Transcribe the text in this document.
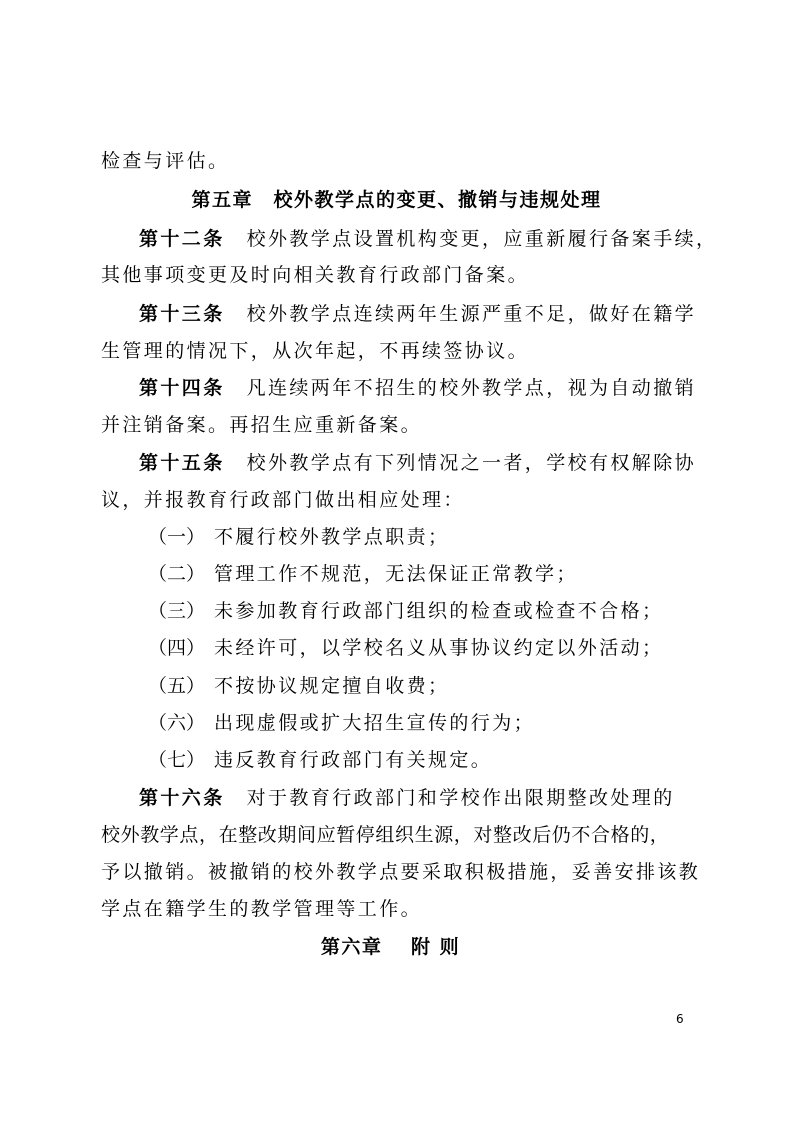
检查与评估。
第五章　校外教学点的变更、撤销与违规处理
第十二条 校外教学点设置机构变更，应重新履行备案手续，
其他事项变更及时向相关教育行政部门备案。
第十三条 校外教学点连续两年生源严重不足，做好在籍学
生管理的情况下，从次年起，不再续签协议。
第十四条 凡连续两年不招生的校外教学点，视为自动撤销
并注销备案。再招生应重新备案。
第十五条 校外教学点有下列情况之一者，学校有权解除协
议，并报教育行政部门做出相应处理：
（一） 不履行校外教学点职责；
（二） 管理工作不规范，无法保证正常教学；
（三） 未参加教育行政部门组织的检查或检查不合格；
（四） 未经许可，以学校名义从事协议约定以外活动；
（五） 不按协议规定擅自收费；
（六） 出现虚假或扩大招生宣传的行为；
（七） 违反教育行政部门有关规定。
第十六条 对于教育行政部门和学校作出限期整改处理的
校外教学点，在整改期间应暂停组织生源，对整改后仍不合格的，
予以撤销。被撤销的校外教学点要采取积极措施，妥善安排该教
学点在籍学生的教学管理等工作。
第六章　 附 则
6
